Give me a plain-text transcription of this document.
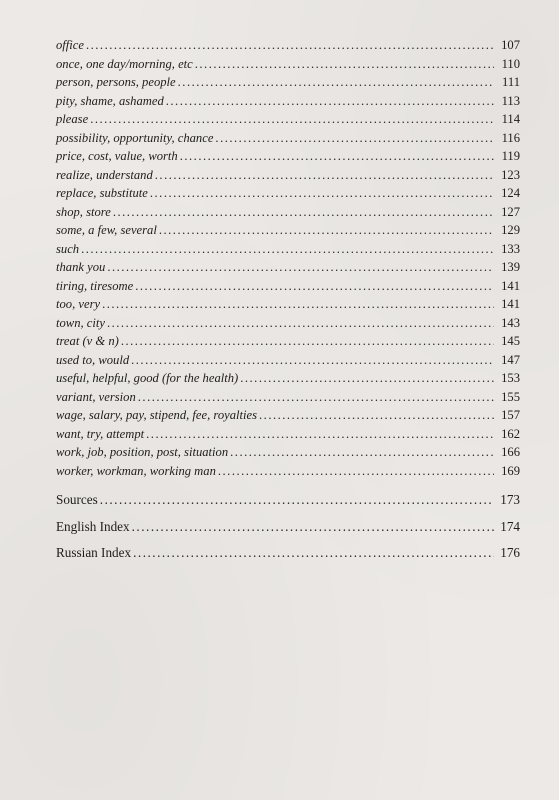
office .....	107
once, one day/morning, etc .....	110
person, persons, people .....	111
pity, shame, ashamed .....	113
please .....	114
possibility, opportunity, chance .....	116
price, cost, value, worth .....	119
realize, understand .....	123
replace, substitute .....	124
shop, store .....	127
some, a few, several .....	129
such .....	133
thank you .....	139
tiring, tiresome .....	141
too, very .....	141
town, city .....	143
treat (v & n) .....	145
used to, would .....	147
useful, helpful, good (for the health) .....	153
variant, version .....	155
wage, salary, pay, stipend, fee, royalties .....	157
want, try, attempt .....	162
work, job, position, post, situation .....	166
worker, workman, working man .....	169
Sources .....	173
English Index .....	174
Russian Index .....	176
